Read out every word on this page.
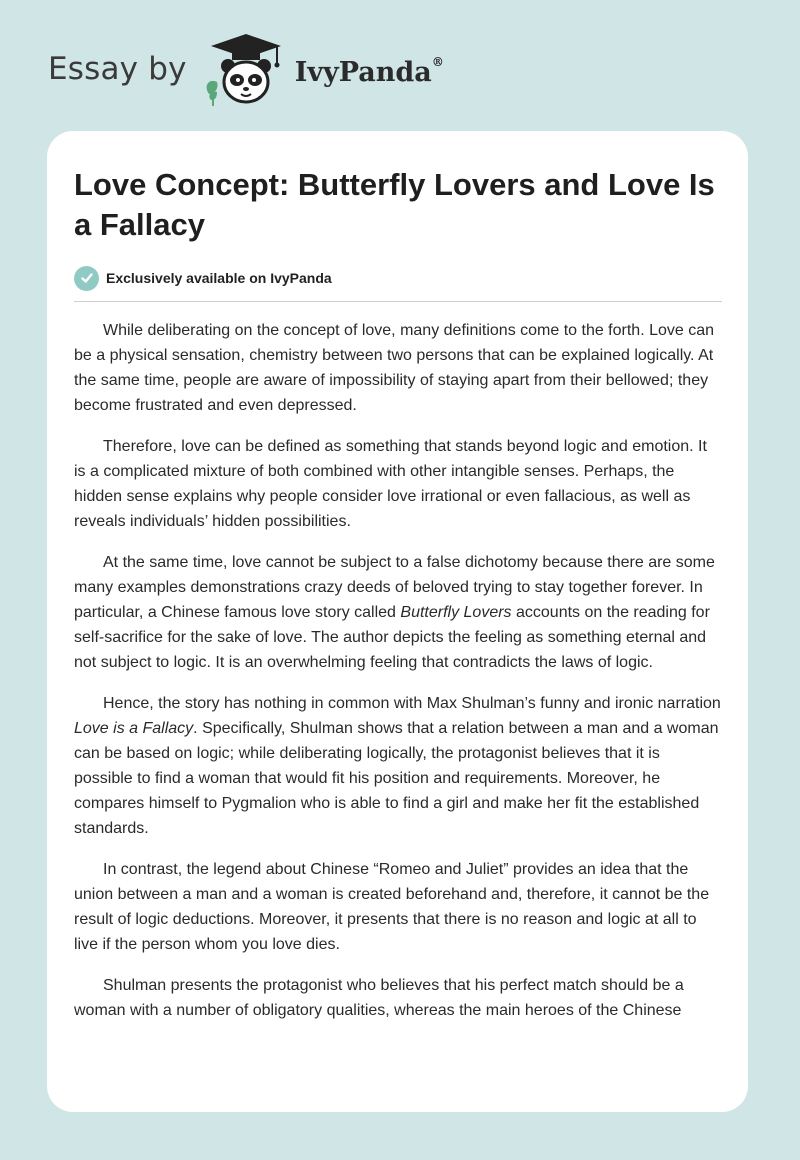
Essay by	IvyPanda®
Love Concept: Butterfly Lovers and Love Is a Fallacy
Exclusively available on IvyPanda

While deliberating on the concept of love, many definitions come to the forth. Love can be a physical sensation, chemistry between two persons that can be explained logically. At the same time, people are aware of impossibility of staying apart from their bellowed; they become frustrated and even depressed.

Therefore, love can be defined as something that stands beyond logic and emotion. It is a complicated mixture of both combined with other intangible senses. Perhaps, the hidden sense explains why people consider love irrational or even fallacious, as well as reveals individuals’ hidden possibilities.

At the same time, love cannot be subject to a false dichotomy because there are some many examples demonstrations crazy deeds of beloved trying to stay together forever. In particular, a Chinese famous love story called Butterfly Lovers accounts on the reading for self-sacrifice for the sake of love. The author depicts the feeling as something eternal and not subject to logic. It is an overwhelming feeling that contradicts the laws of logic.

Hence, the story has nothing in common with Max Shulman’s funny and ironic narration Love is a Fallacy. Specifically, Shulman shows that a relation between a man and a woman can be based on logic; while deliberating logically, the protagonist believes that it is possible to find a woman that would fit his position and requirements. Moreover, he compares himself to Pygmalion who is able to find a girl and make her fit the established standards.

In contrast, the legend about Chinese “Romeo and Juliet” provides an idea that the union between a man and a woman is created beforehand and, therefore, it cannot be the result of logic deductions. Moreover, it presents that there is no reason and logic at all to live if the person whom you love dies.

Shulman presents the protagonist who believes that his perfect match should be a woman with a number of obligatory qualities, whereas the main heroes of the Chinese
